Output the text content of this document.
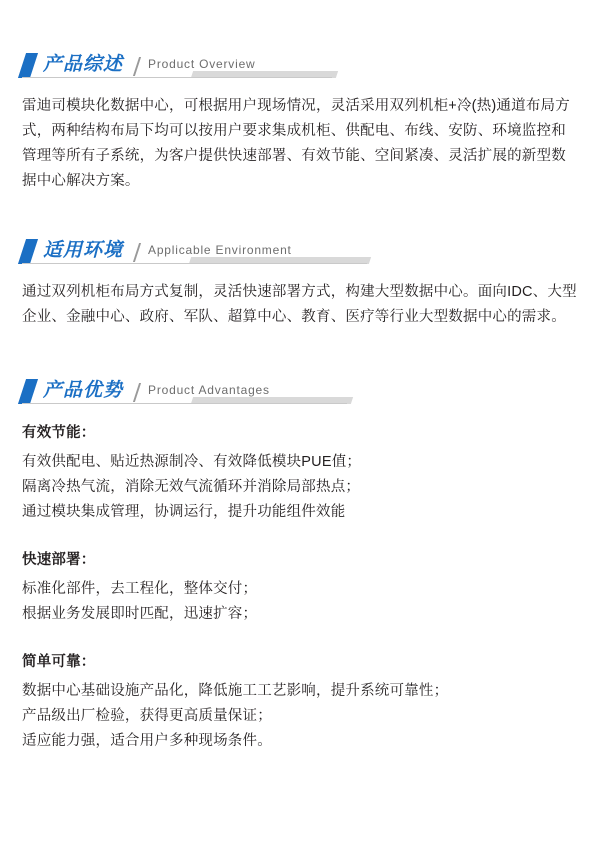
产品综述 Product Overview

雷迪司模块化数据中心，可根据用户现场情况，灵活采用双列机柜+冷(热)通道布局方式，两种结构布局下均可以按用户要求集成机柜、供配电、布线、安防、环境监控和管理等所有子系统，为客户提供快速部署、有效节能、空间紧凑、灵活扩展的新型数据中心解决方案。

适用环境 Applicable Environment

通过双列机柜布局方式复制，灵活快速部署方式，构建大型数据中心。面向IDC、大型企业、金融中心、政府、军队、超算中心、教育、医疗等行业大型数据中心的需求。

产品优势 Product Advantages
有效节能：
有效供配电、贴近热源制冷、有效降低模块PUE值；
隔离冷热气流，消除无效气流循环并消除局部热点；
通过模块集成管理，协调运行，提升功能组件效能
快速部署：
标准化部件，去工程化，整体交付；
根据业务发展即时匹配，迅速扩容；
简单可靠：
数据中心基础设施产品化，降低施工工艺影响，提升系统可靠性；
产品级出厂检验，获得更高质量保证；
适应能力强，适合用户多种现场条件。
